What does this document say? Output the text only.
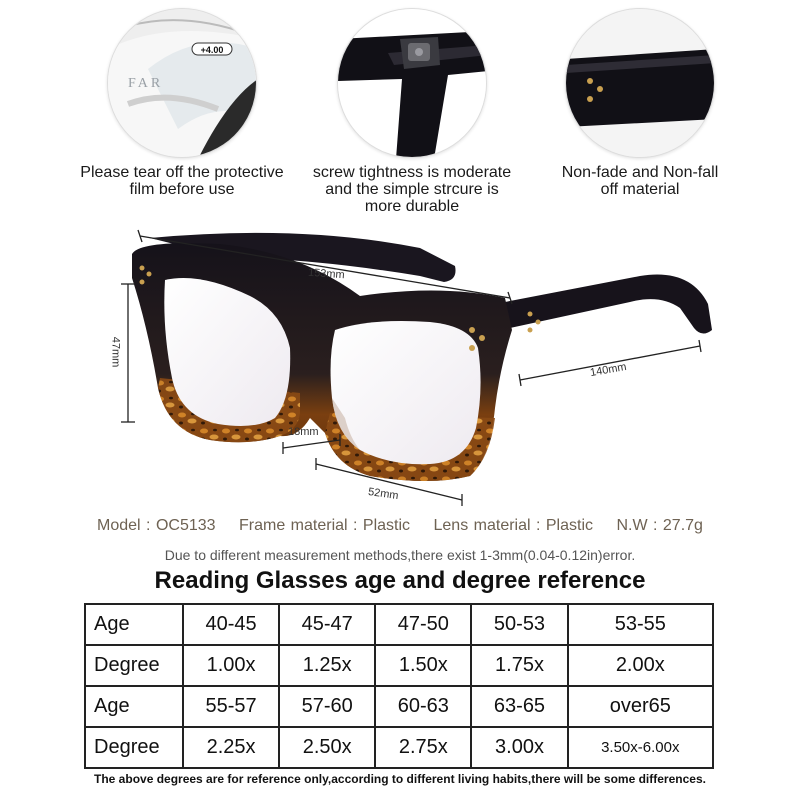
+4.00
FAR
Please tear off the protective
film before use
screw tightness is moderate
and the simple strcure is
more durable
Non-fade and Non-fall
off material
153mm
47mm
18mm
52mm
140mm
Model : OC5133 Frame material : Plastic Lens material : Plastic N.W : 27.7g
Due to different measurement methods,there exist 1-3mm(0.04-0.12in)error.
Reading Glasses age and degree reference
Age	40-45	45-47	47-50	50-53	53-55
Degree	1.00x	1.25x	1.50x	1.75x	2.00x
Age	55-57	57-60	60-63	63-65	over65
Degree	2.25x	2.50x	2.75x	3.00x	3.50x-6.00x
The above degrees are for reference only,according to different living habits,there will be some differences.
